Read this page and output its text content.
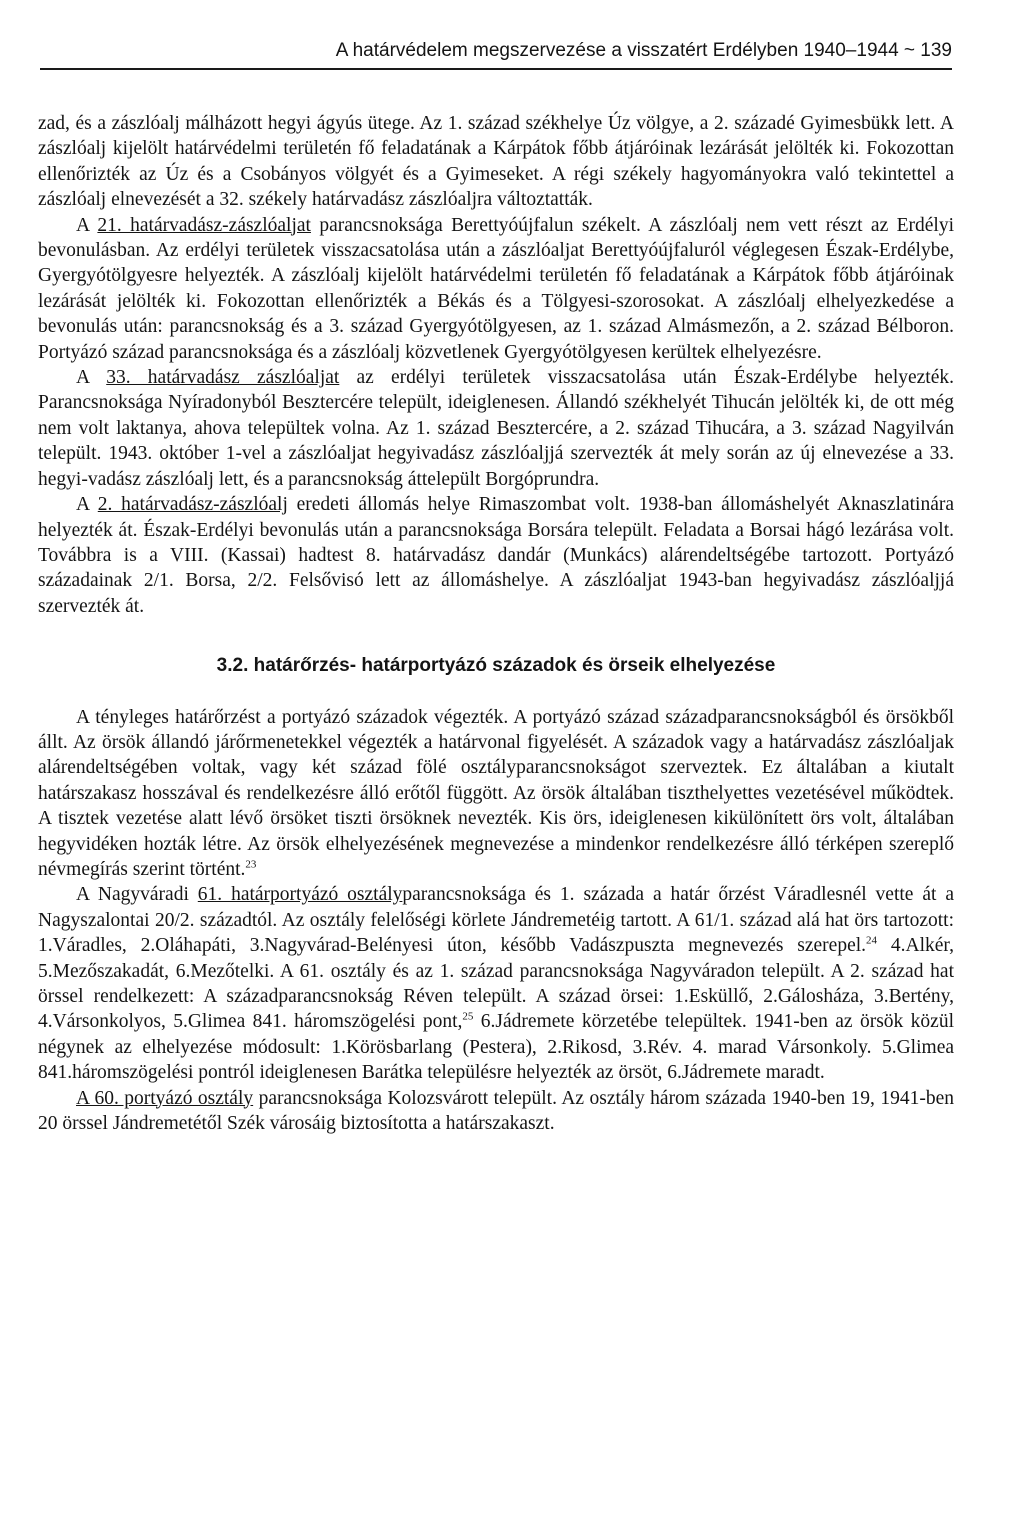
A határvédelem megszervezése a visszatért Erdélyben 1940–1944 ~ 139

zad, és a zászlóalj málházott hegyi ágyús ütege. Az 1. század székhelye Úz völgye, a 2. századé Gyimesbükk lett. A zászlóalj kijelölt határvédelmi területén fő feladatának a Kárpátok főbb átjáróinak lezárását jelölték ki. Fokozottan ellenőrizték az Úz és a Csobányos völgyét és a Gyimeseket. A régi székely hagyományokra való tekintettel a zászlóalj elnevezését a 32. székely határvadász zászlóaljra változtatták.

A 21. határvadász-zászlóaljat parancsnoksága Berettyóújfalun székelt. A zászlóalj nem vett részt az Erdélyi bevonulásban. Az erdélyi területek visszacsatolása után a zászlóaljat Berettyóújfaluról véglegesen Észak-Erdélybe, Gyergyótölgyesre helyezték. A zászlóalj kijelölt határvédelmi területén fő feladatának a Kárpátok főbb átjáróinak lezárását jelölték ki. Fokozottan ellenőrizték a Békás és a Tölgyesi-szorosokat. A zászlóalj elhelyezkedése a bevonulás után: parancsnokság és a 3. század Gyergyótölgyesen, az 1. század Almásmezőn, a 2. század Bélboron. Portyázó század parancsnoksága és a zászlóalj közvetlenek Gyergyótölgyesen kerültek elhelyezésre.

A 33. határvadász zászlóaljat az erdélyi területek visszacsatolása után Észak-Erdélybe helyezték. Parancsnoksága Nyíradonyból Besztercére települt, ideiglenesen. Állandó székhelyét Tihucán jelölték ki, de ott még nem volt laktanya, ahova települtek volna. Az 1. század Besztercére, a 2. század Tihucára, a 3. század Nagyilván települt. 1943. október 1-vel a zászlóaljat hegyivadász zászlóaljjá szervezték át mely során az új elnevezése a 33. hegyi-vadász zászlóalj lett, és a parancsnokság áttelepült Borgóprundra.

A 2. határvadász-zászlóalj eredeti állomás helye Rimaszombat volt. 1938-ban állomáshelyét Aknaszlatinára helyezték át. Észak-Erdélyi bevonulás után a parancsnoksága Borsára települt. Feladata a Borsai hágó lezárása volt. Továbbra is a VIII. (Kassai) hadtest 8. határvadász dandár (Munkács) alárendeltségébe tartozott. Portyázó századainak 2/1. Borsa, 2/2. Felsővisó lett az állomáshelye. A zászlóaljat 1943-ban hegyivadász zászlóaljjá szervezték át.

3.2. határőrzés- határportyázó századok és örseik elhelyezése

A tényleges határőrzést a portyázó századok végezték. A portyázó század századparancsnokságból és örsökből állt. Az örsök állandó járőrmenetekkel végezték a határvonal figyelését. A századok vagy a határvadász zászlóaljak alárendeltségében voltak, vagy két század fölé osztályparancsnokságot szerveztek. Ez általában a kiutalt határszakasz hosszával és rendelkezésre álló erőtől függött. Az örsök általában tiszthelyettes vezetésével működtek. A tisztek vezetése alatt lévő örsöket tiszti örsöknek nevezték. Kis örs, ideiglenesen kikülönített örs volt, általában hegyvidéken hozták létre. Az örsök elhelyezésének megnevezése a mindenkor rendelkezésre álló térképen szereplő névmegírás szerint történt.$^{23}$

A Nagyváradi 61. határportyázó osztályparancsnoksága és 1. százada a határ őrzést Váradlesnél vette át a Nagyszalontai 20/2. századtól. Az osztály felelőségi körlete Jándremetéig tartott. A 61/1. század alá hat örs tartozott: 1.Váradles, 2.Oláhapáti, 3.Nagyvárad-Belényesi úton, később Vadászpuszta megnevezés szerepel.$^{24}$ 4.Alkér, 5.Mezőszakadát, 6.Mezőtelki. A 61. osztály és az 1. század parancsnoksága Nagyváradon települt. A 2. század hat örssel rendelkezett: A századparancsnokság Réven települt. A század örsei: 1.Esküllő, 2.Gálosháza, 3.Bertény, 4.Vársonkolyos, 5.Glimea 841. háromszögelési pont,$^{25}$ 6.Jádremete körzetébe települtek. 1941-ben az örsök közül négynek az elhelyezése módosult: 1.Körösbarlang (Pestera), 2.Rikosd, 3.Rév. 4. marad Vársonkoly. 5.Glimea 841.háromszögelési pontról ideiglenesen Barátka településre helyezték az örsöt, 6.Jádremete maradt.

A 60. portyázó osztály parancsnoksága Kolozsvárott települt. Az osztály három százada 1940-ben 19, 1941-ben 20 örssel Jándremetétől Szék városáig biztosította a határszakaszt.
